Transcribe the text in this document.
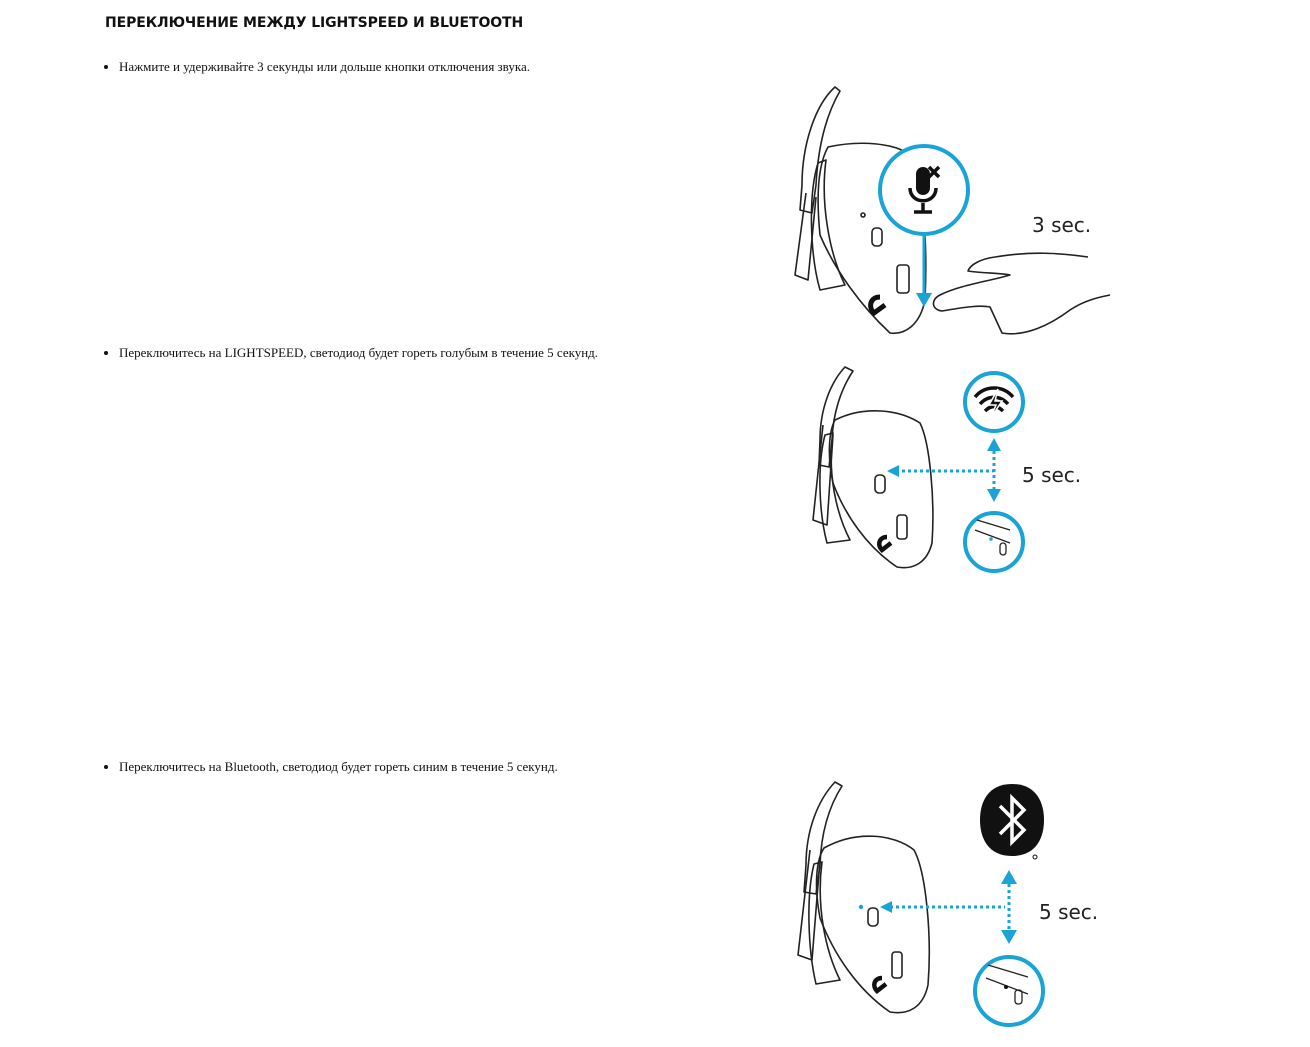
ПЕРЕКЛЮЧЕНИЕ МЕЖДУ LIGHTSPEED И BLUETOOTH
Нажмите и удерживайте 3 секунды или дольше кнопки отключения звука.
Переключитесь на LIGHTSPEED, светодиод будет гореть голубым в течение 5 секунд.
Переключитесь на Bluetooth, светодиод будет гореть синим в течение 5 секунд.
3 sec.
5 sec.
5 sec.
